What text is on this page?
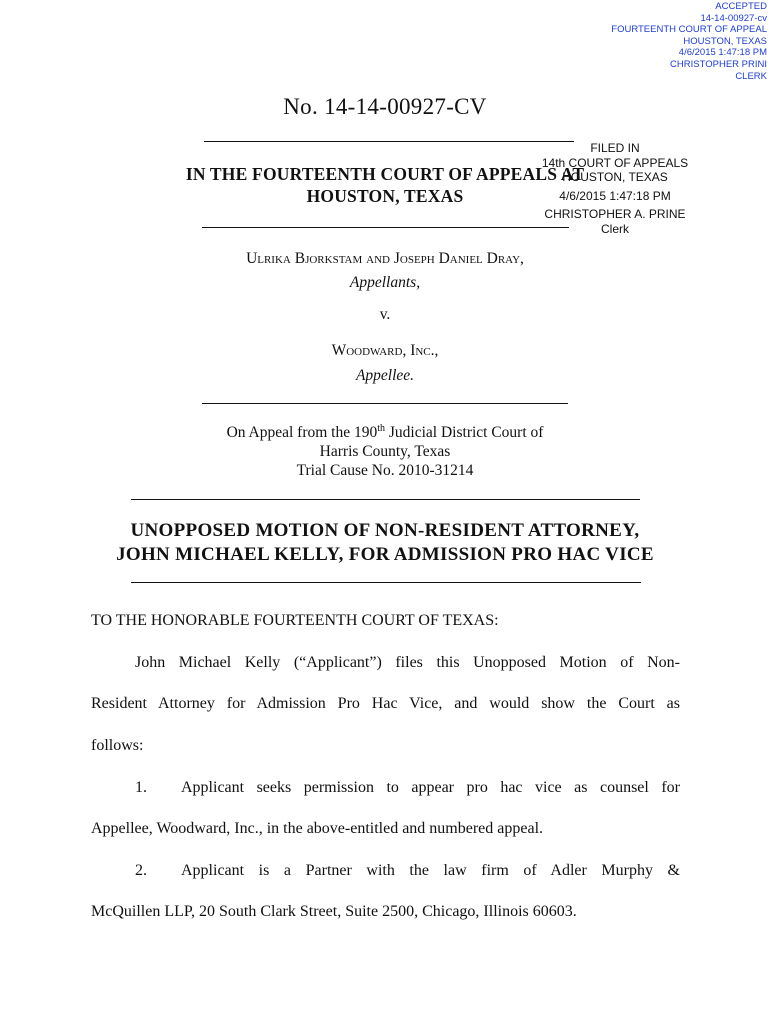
ACCEPTED
14-14-00927-cv
FOURTEENTH COURT OF APPEAL
HOUSTON, TEXAS
4/6/2015 1:47:18 PM
CHRISTOPHER PRINI
CLERK
No. 14-14-00927-CV
FILED IN
14th COURT OF APPEALS
HOUSTON, TEXAS
4/6/2015 1:47:18 PM
CHRISTOPHER A. PRINE
Clerk
IN THE FOURTEENTH COURT OF APPEALS AT
HOUSTON, TEXAS
Ulrika Bjorkstam and Joseph Daniel Dray,
Appellants,
v.
Woodward, Inc.,
Appellee.
On Appeal from the 190th Judicial District Court of
Harris County, Texas
Trial Cause No. 2010-31214
UNOPPOSED MOTION OF NON-RESIDENT ATTORNEY,
JOHN MICHAEL KELLY, FOR ADMISSION PRO HAC VICE
TO THE HONORABLE FOURTEENTH COURT OF TEXAS:
John Michael Kelly (“Applicant”) files this Unopposed Motion of Non-
Resident Attorney for Admission Pro Hac Vice, and would show the Court as
follows:
1. Applicant seeks permission to appear pro hac vice as counsel for
Appellee, Woodward, Inc., in the above-entitled and numbered appeal.
2. Applicant is a Partner with the law firm of Adler Murphy &
McQuillen LLP, 20 South Clark Street, Suite 2500, Chicago, Illinois 60603.
